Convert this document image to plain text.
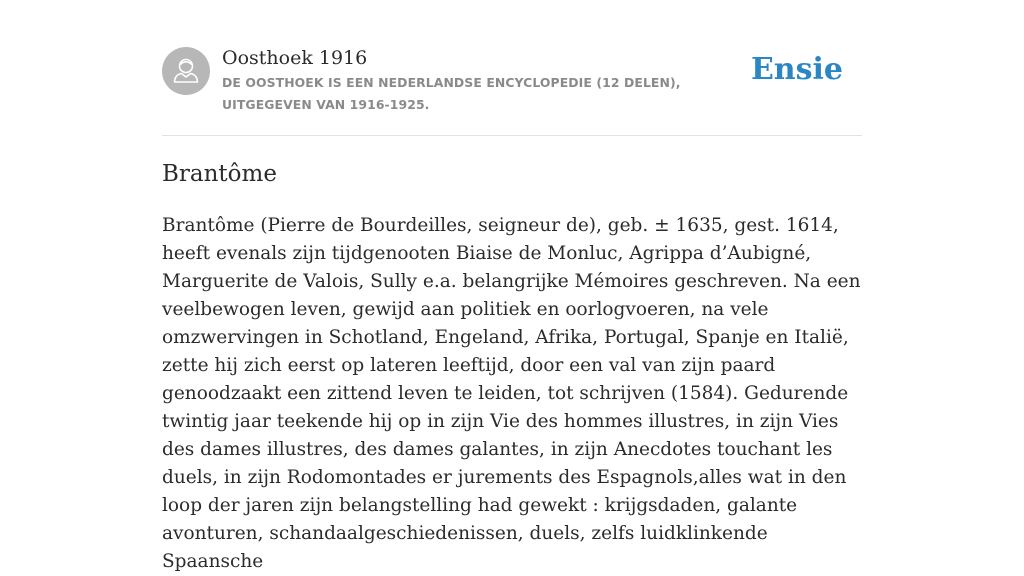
Oosthoek 1916
DE OOSTHOEK IS EEN NEDERLANDSE ENCYCLOPEDIE (12 DELEN), UITGEGEVEN VAN 1916-1925.
Ensie
Brantôme

Brantôme (Pierre de Bourdeilles, seigneur de), geb. ± 1635, gest. 1614, heeft evenals zijn tijdgenooten Biaise de Monluc, Agrippa d’Aubigné, Marguerite de Valois, Sully e.a. belangrijke Mémoires geschreven. Na een veelbewogen leven, gewijd aan politiek en oorlogvoeren, na vele omzwervingen in Schotland, Engeland, Afrika, Portugal, Spanje en Italië, zette hij zich eerst op lateren leeftijd, door een val van zijn paard genoodzaakt een zittend leven te leiden, tot schrijven (1584). Gedurende twintig jaar teekende hij op in zijn Vie des hommes illustres, in zijn Vies des dames illustres, des dames galantes, in zijn Anecdotes touchant les duels, in zijn Rodomontades er jurements des Espagnols,alles wat in den loop der jaren zijn belangstelling had gewekt : krijgsdaden, galante avonturen, schandaalgeschiedenissen, duels, zelfs luidklinkende Spaansche
